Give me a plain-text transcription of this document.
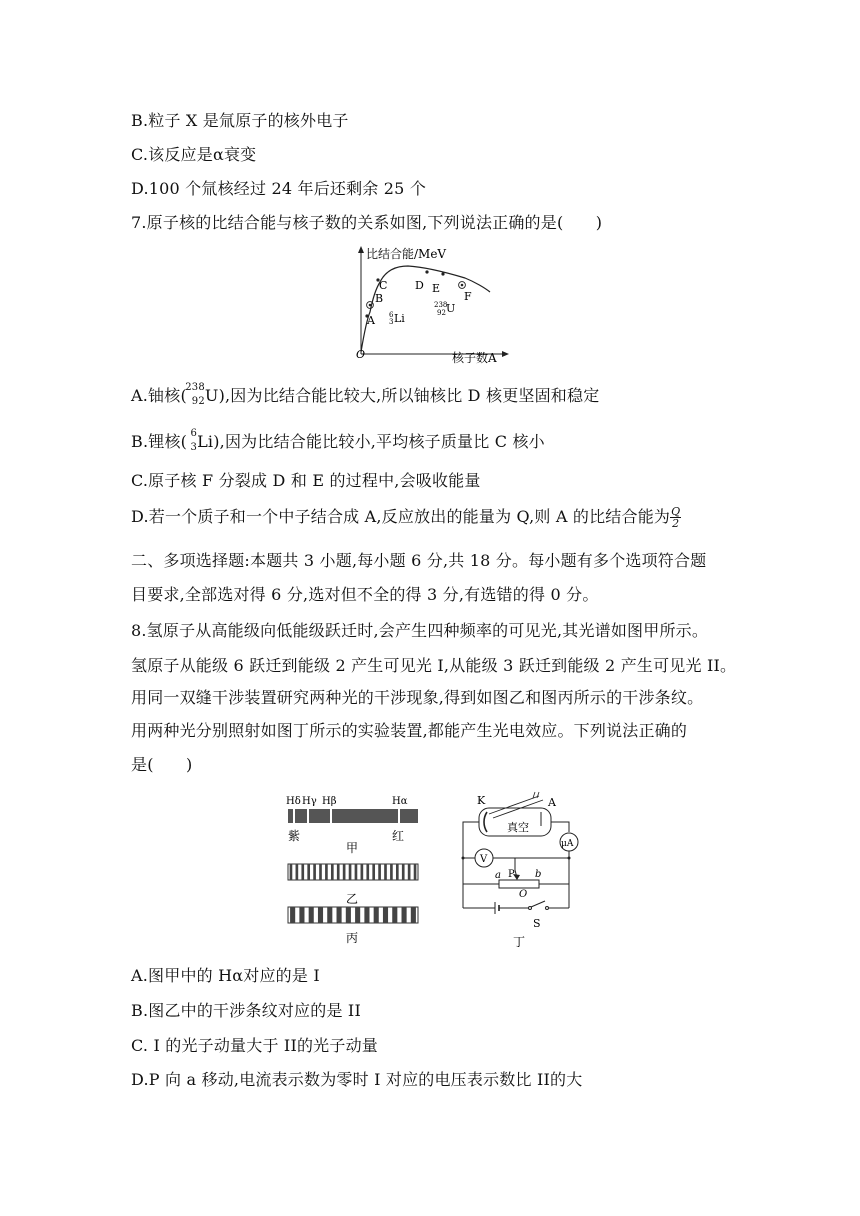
B.粒子 X 是氚原子的核外电子
C.该反应是α衰变
D.100 个氚核经过 24 年后还剩余 25 个
7.原子核的比结合能与核子数的关系如图,下列说法正确的是(　　)
比结合能/MeV
核子数A
O
A
B
C	D E
F
6
3 Li
238
92 U
A.铀核(
238
92 U),因为比结合能比较大,所以铀核比 D 核更坚固和稳定
B.锂核( 6
3 Li),因为比结合能比较小,平均核子质量比 C 核小
C.原子核 F 分裂成 D 和 E 的过程中,会吸收能量
D.若一个质子和一个中子结合成 A,反应放出的能量为 Q,则 A 的比结合能为 $\frac{Q}{2}$
二、多项选择题:本题共 3 小题,每小题 6 分,共 18 分。每小题有多个选项符合题
目要求,全部选对得 6 分,选对但不全的得 3 分,有选错的得 0 分。
8.氢原子从高能级向低能级跃迁时,会产生四种频率的可见光,其光谱如图甲所示。
氢原子从能级 6 跃迁到能级 2 产生可见光 I,从能级 3 跃迁到能级 2 产生可见光 II。
用同一双缝干涉装置研究两种光的干涉现象,得到如图乙和图丙所示的干涉条纹。
用两种光分别照射如图丁所示的实验装置,都能产生光电效应。下列说法正确的
是(　　)
Hδ Hγ Hβ	Hα
紫	红
甲
乙
丙
K	A
真空
μA
V
P
a	b
O
S
丁
A.图甲中的 Hα对应的是 I
B.图乙中的干涉条纹对应的是 II
C. I 的光子动量大于 II的光子动量
D.P 向 a 移动,电流表示数为零时 I 对应的电压表示数比 II的大
